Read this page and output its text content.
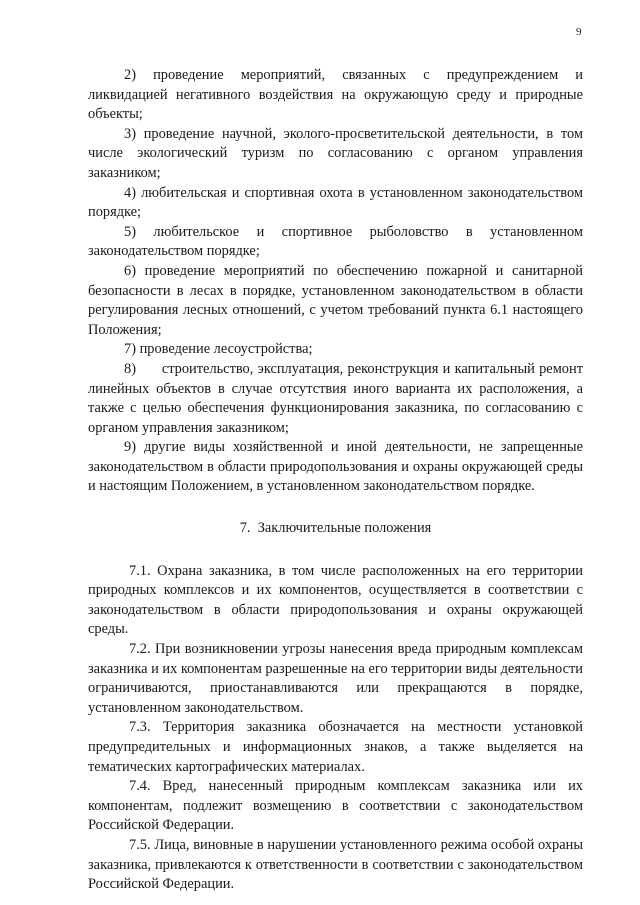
9

2) проведение мероприятий, связанных с предупреждением и ликвидацией негативного воздействия на окружающую среду и природные объекты;

3) проведение научной, эколого-просветительской деятельности, в том числе экологический туризм по согласованию с органом управления заказником;

4) любительская и спортивная охота в установленном законодательством порядке;

5) любительское и спортивное рыболовство в установленном законодательством порядке;

6) проведение мероприятий по обеспечению пожарной и санитарной безопасности в лесах в порядке, установленном законодательством в области регулирования лесных отношений, с учетом требований пункта 6.1 настоящего Положения;

7) проведение лесоустройства;

8)      строительство, эксплуатация, реконструкция и капитальный ремонт линейных объектов в случае отсутствия иного варианта их расположения, а также с целью обеспечения функционирования заказника, по согласованию с органом управления заказником;

9) другие виды хозяйственной и иной деятельности, не запрещенные законодательством в области природопользования и охраны окружающей среды и настоящим Положением, в установленном законодательством порядке.

7.  Заключительные положения

7.1. Охрана заказника, в том числе расположенных на его территории природных комплексов и их компонентов, осуществляется в соответствии с законодательством в области природопользования и охраны окружающей среды.

7.2. При возникновении угрозы нанесения вреда природным комплексам заказника и их компонентам разрешенные на его территории виды деятельности ограничиваются, приостанавливаются или прекращаются в порядке, установленном законодательством.

7.3. Территория заказника обозначается на местности установкой предупредительных и информационных знаков, а также выделяется на тематических картографических материалах.

7.4. Вред, нанесенный природным комплексам заказника или их компонентам, подлежит возмещению в соответствии с законодательством Российской Федерации.

7.5. Лица, виновные в нарушении установленного режима особой охраны заказника, привлекаются к ответственности в соответствии с законодательством Российской Федерации.
